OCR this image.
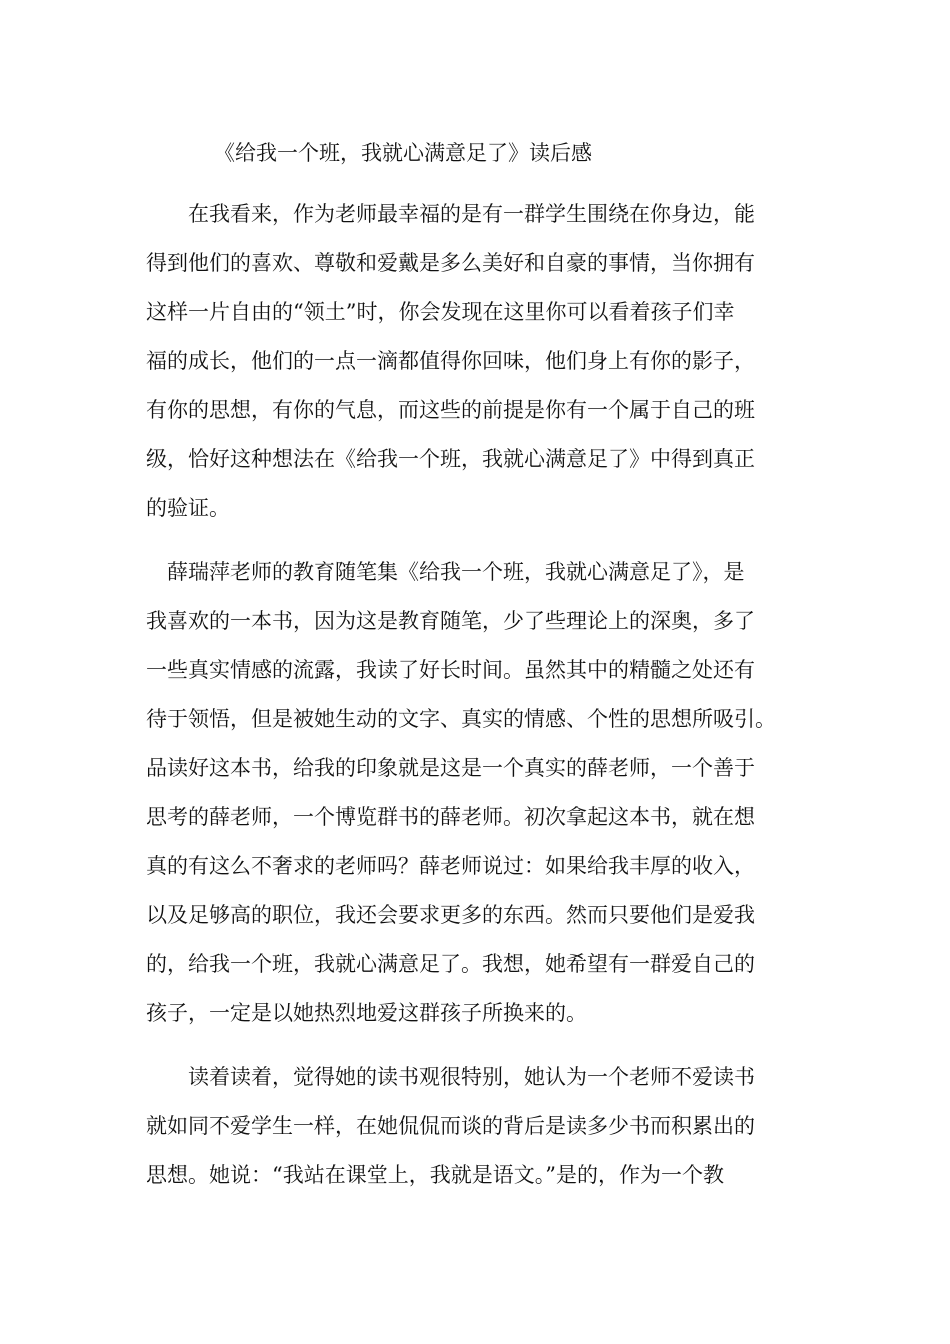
《给我一个班，我就心满意足了》读后感
　　在我看来，作为老师最幸福的是有一群学生围绕在你身边，能
得到他们的喜欢、尊敬和爱戴是多么美好和自豪的事情，当你拥有
这样一片自由的“领土”时，你会发现在这里你可以看着孩子们幸
福的成长，他们的一点一滴都值得你回味，他们身上有你的影子，
有你的思想，有你的气息，而这些的前提是你有一个属于自己的班
级，恰好这种想法在《给我一个班，我就心满意足了》中得到真正
的验证。
　薛瑞萍老师的教育随笔集《给我一个班，我就心满意足了》，是
我喜欢的一本书，因为这是教育随笔，少了些理论上的深奥，多了
一些真实情感的流露，我读了好长时间。虽然其中的精髓之处还有
待于领悟，但是被她生动的文字、真实的情感、个性的思想所吸引。
品读好这本书，给我的印象就是这是一个真实的薛老师，一个善于
思考的薛老师，一个博览群书的薛老师。初次拿起这本书，就在想
真的有这么不奢求的老师吗？薛老师说过：如果给我丰厚的收入，
以及足够高的职位，我还会要求更多的东西。然而只要他们是爱我
的，给我一个班，我就心满意足了。我想，她希望有一群爱自己的
孩子，一定是以她热烈地爱这群孩子所换来的。
　　读着读着，觉得她的读书观很特别，她认为一个老师不爱读书
就如同不爱学生一样，在她侃侃而谈的背后是读多少书而积累出的
思想。她说：“我站在课堂上，我就是语文。”是的，作为一个教
